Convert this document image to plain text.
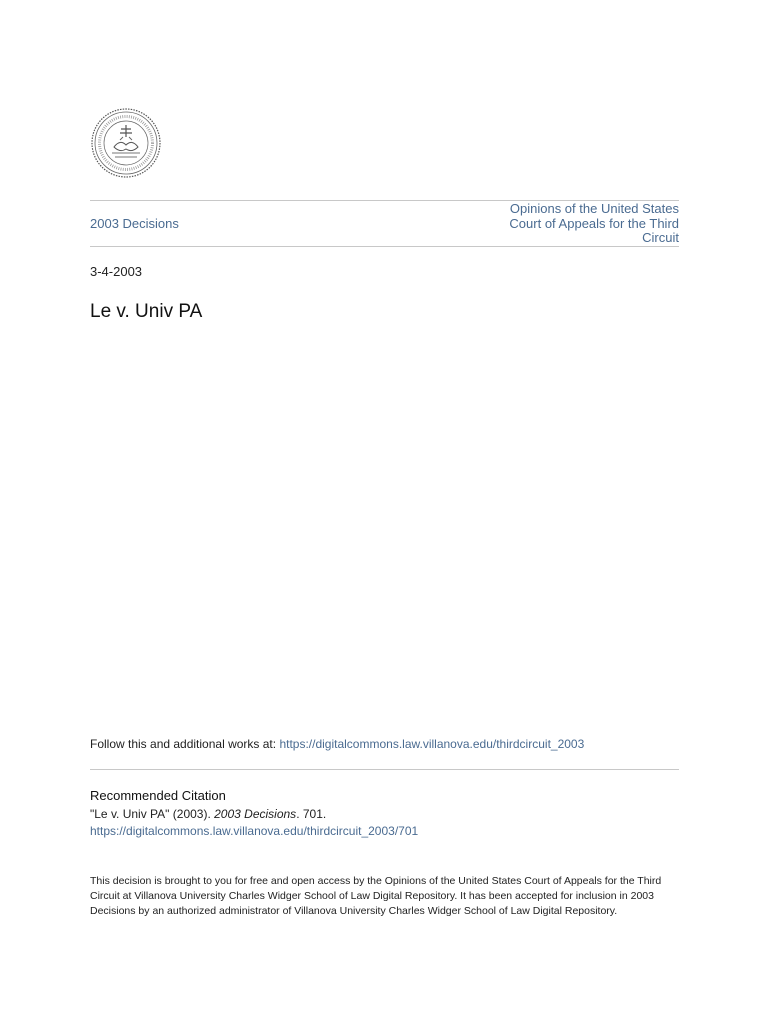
2003 Decisions
Opinions of the United States Court of Appeals for the Third Circuit
3-4-2003
Le v. Univ PA
Follow this and additional works at: https://digitalcommons.law.villanova.edu/thirdcircuit_2003
Recommended Citation
"Le v. Univ PA" (2003). 2003 Decisions. 701.
https://digitalcommons.law.villanova.edu/thirdcircuit_2003/701
This decision is brought to you for free and open access by the Opinions of the United States Court of Appeals for the Third Circuit at Villanova University Charles Widger School of Law Digital Repository. It has been accepted for inclusion in 2003 Decisions by an authorized administrator of Villanova University Charles Widger School of Law Digital Repository.
